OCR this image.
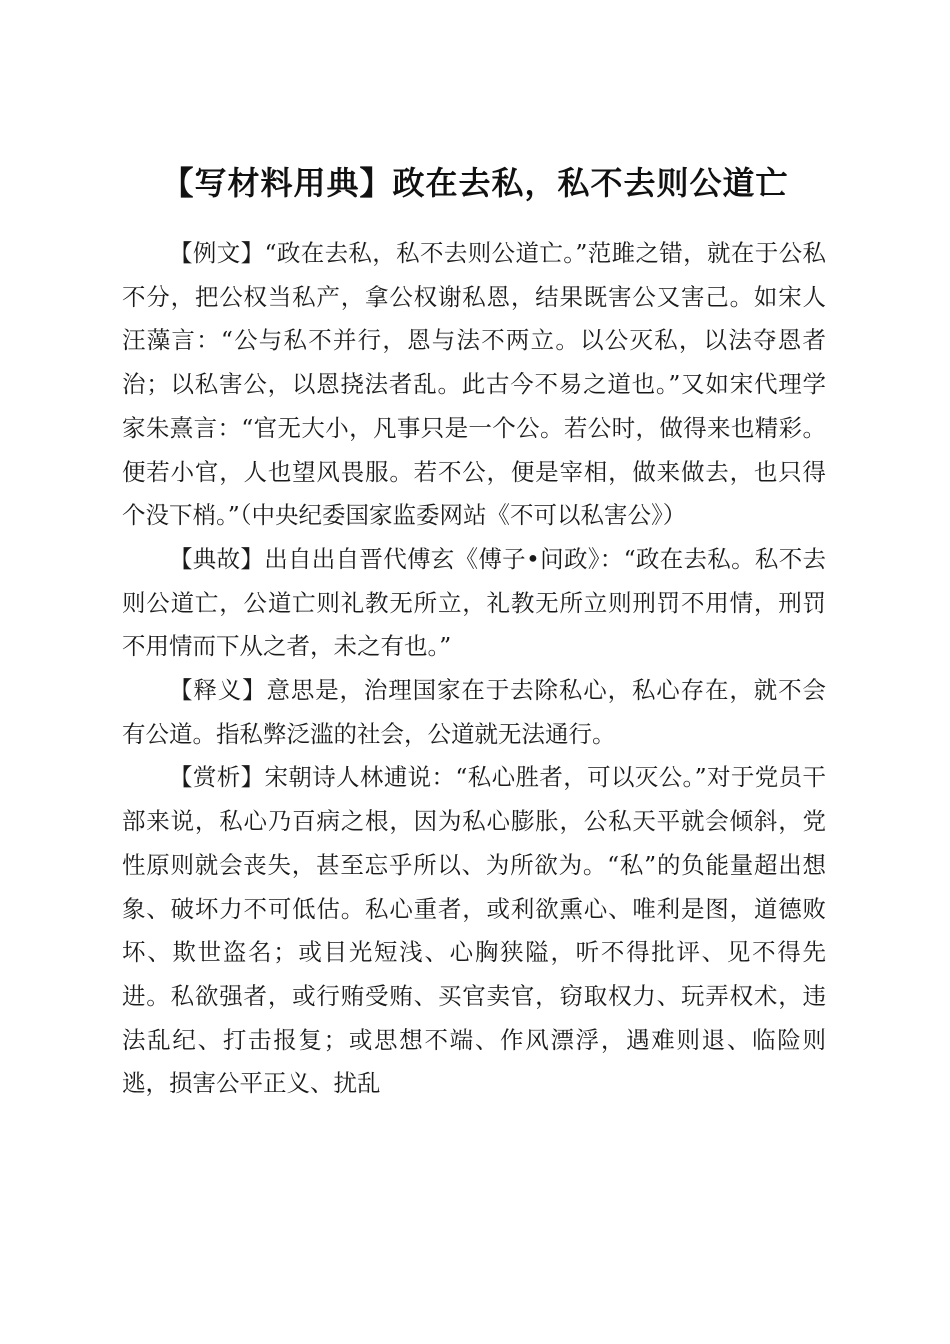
【写材料用典】政在去私，私不去则公道亡

【例文】“政在去私，私不去则公道亡。”范雎之错，就在于公私不分，把公权当私产，拿公权谢私恩，结果既害公又害己。如宋人汪藻言：“公与私不并行，恩与法不两立。以公灭私，以法夺恩者治；以私害公，以恩挠法者乱。此古今不易之道也。”又如宋代理学家朱熹言：“官无大小，凡事只是一个公。若公时，做得来也精彩。便若小官，人也望风畏服。若不公，便是宰相，做来做去，也只得个没下梢。”（中央纪委国家监委网站《不可以私害公》）

【典故】出自出自晋代傅玄《傅子•问政》：“政在去私。私不去则公道亡，公道亡则礼教无所立，礼教无所立则刑罚不用情，刑罚不用情而下从之者，未之有也。”

【释义】意思是，治理国家在于去除私心，私心存在，就不会有公道。指私弊泛滥的社会，公道就无法通行。

【赏析】宋朝诗人林逋说：“私心胜者，可以灭公。”对于党员干部来说，私心乃百病之根，因为私心膨胀，公私天平就会倾斜，党性原则就会丧失，甚至忘乎所以、为所欲为。“私”的负能量超出想象、破坏力不可低估。私心重者，或利欲熏心、唯利是图，道德败坏、欺世盗名；或目光短浅、心胸狭隘，听不得批评、见不得先进。私欲强者，或行贿受贿、买官卖官，窃取权力、玩弄权术，违法乱纪、打击报复；或思想不端、作风漂浮，遇难则退、临险则逃，损害公平正义、扰乱
